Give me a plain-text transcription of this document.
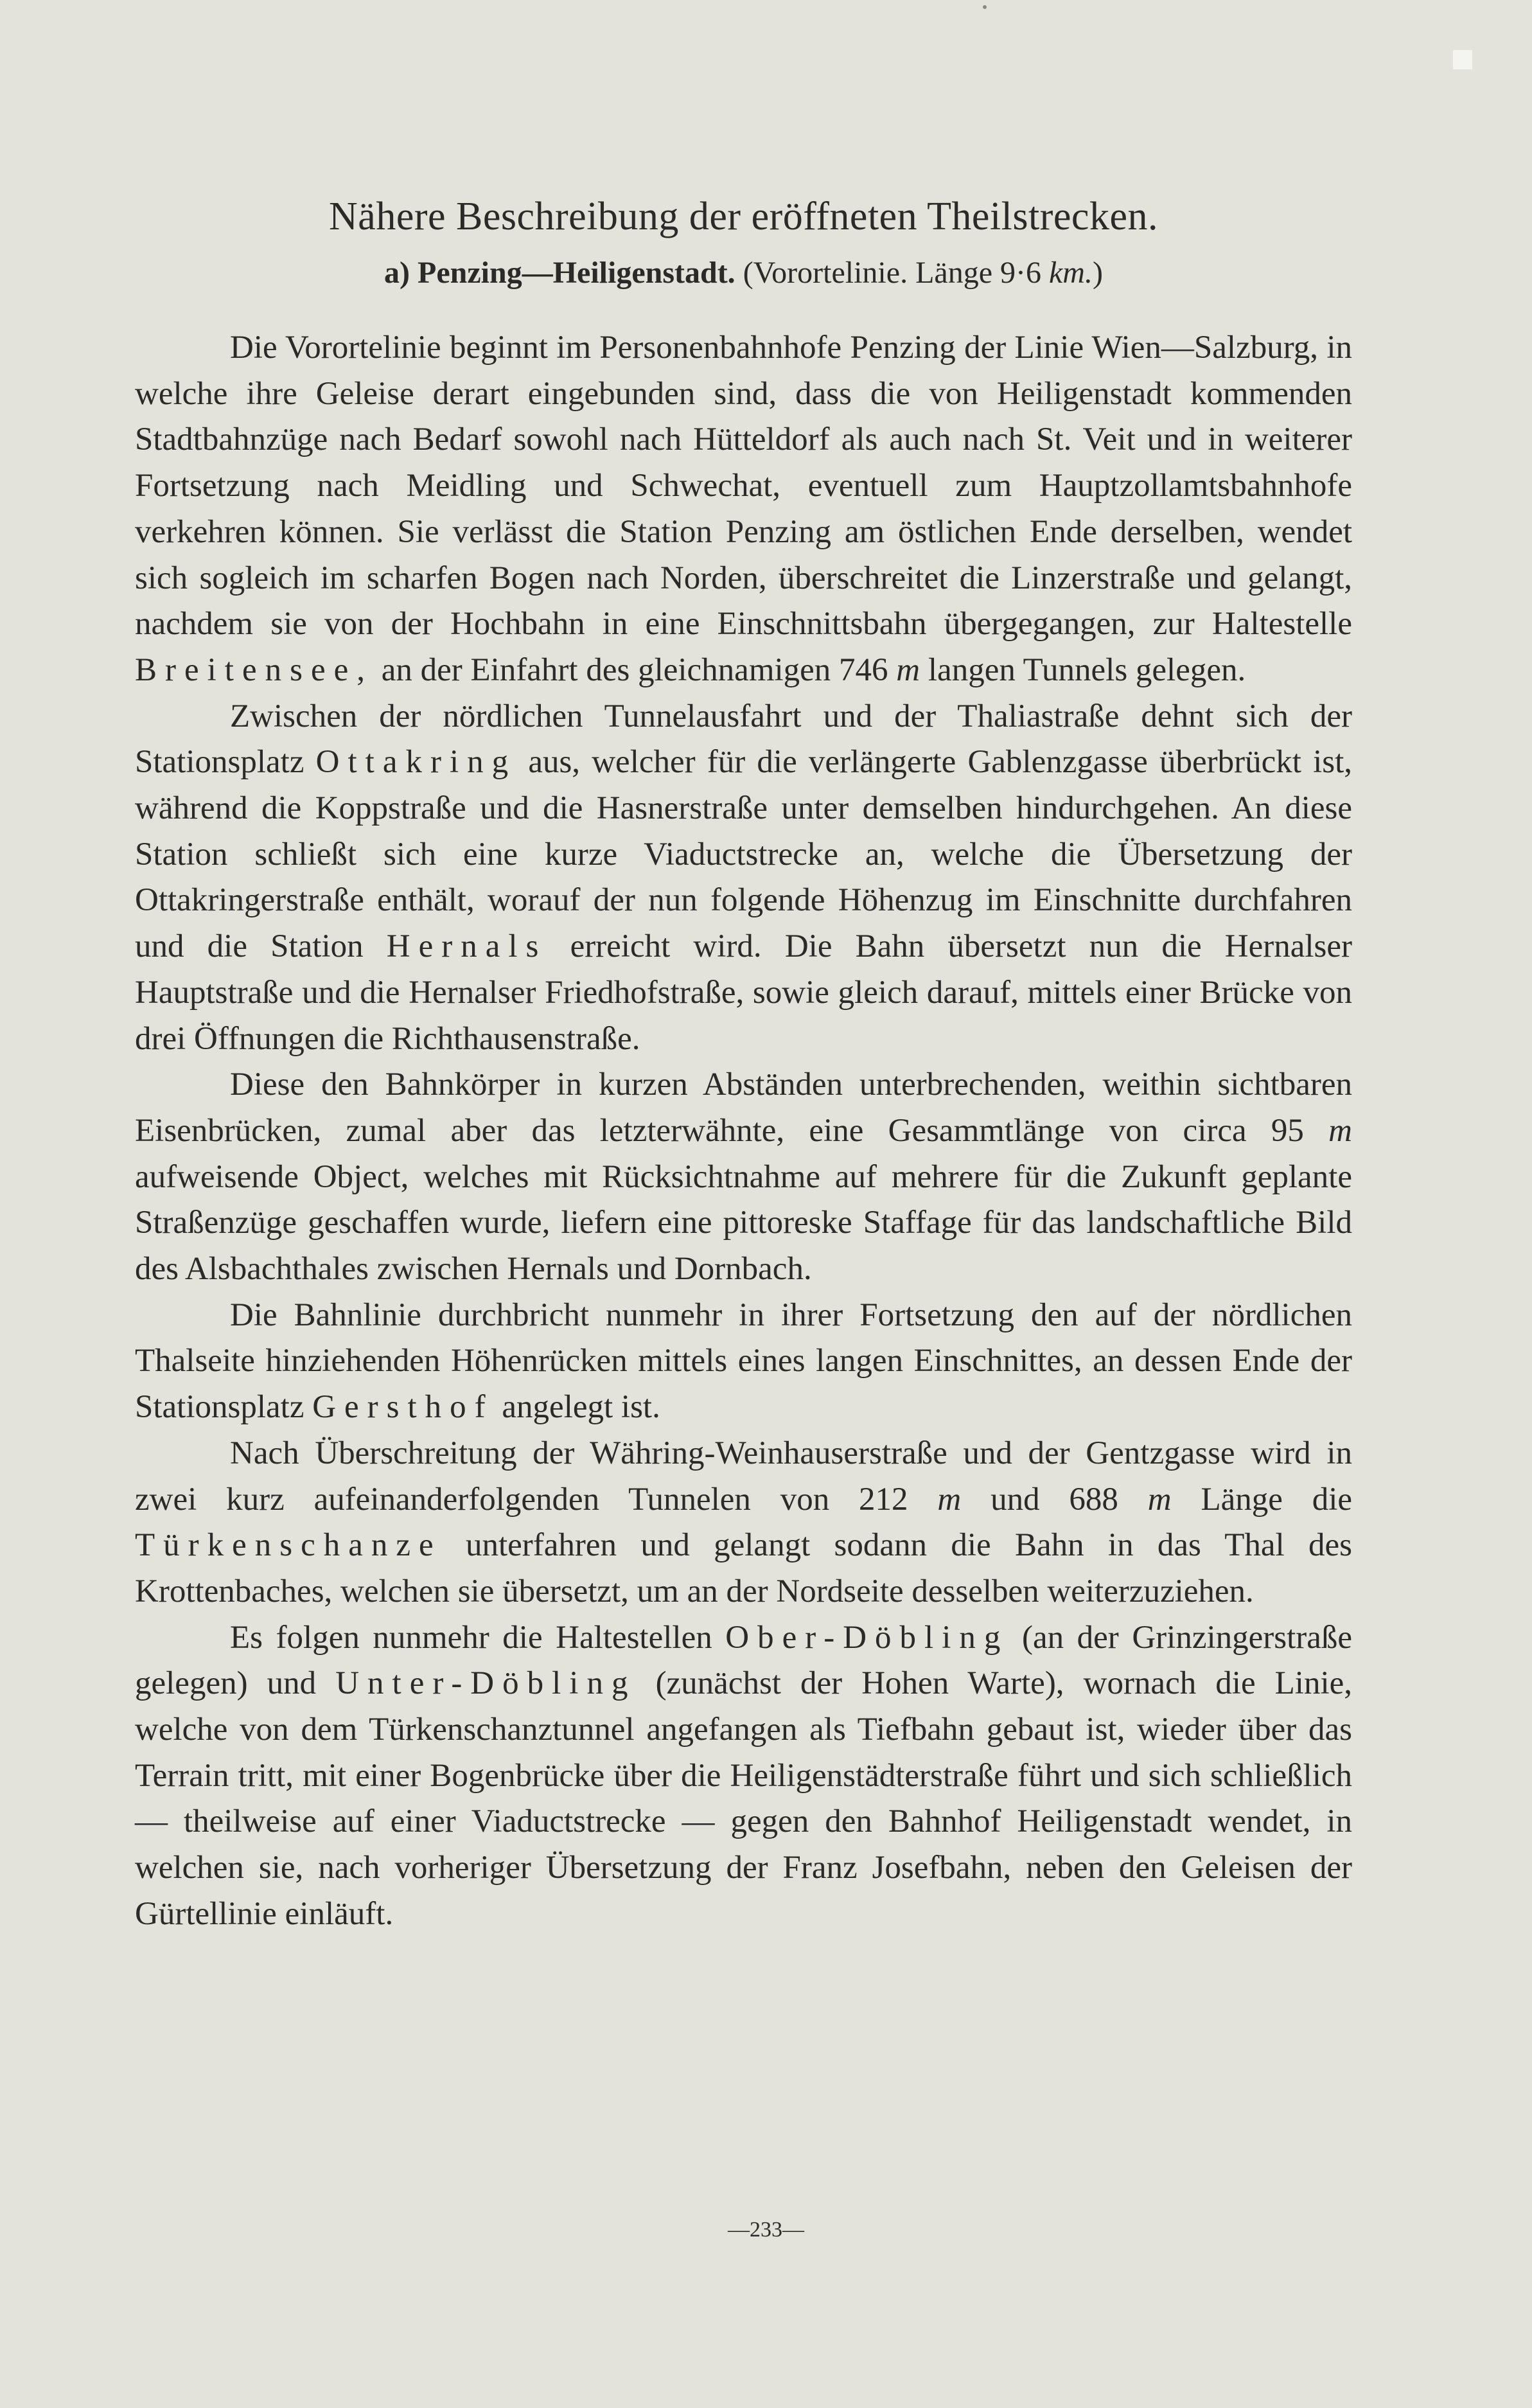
Nähere Beschreibung der eröffneten Theilstrecken.
a) Penzing—Heiligenstadt. (Vorortelinie. Länge 9·6 km.)

Die Vorortelinie beginnt im Personenbahnhofe Penzing der Linie Wien—Salzburg, in welche ihre Geleise derart eingebunden sind, dass die von Heiligenstadt kommenden Stadtbahnzüge nach Bedarf sowohl nach Hütteldorf als auch nach St. Veit und in weiterer Fortsetzung nach Meidling und Schwechat, eventuell zum Hauptzollamtsbahnhofe verkehren können. Sie verlässt die Station Penzing am östlichen Ende derselben, wendet sich sogleich im scharfen Bogen nach Norden, überschreitet die Linzerstraße und gelangt, nachdem sie von der Hochbahn in eine Einschnittsbahn übergegangen, zur Haltestelle Breitensee, an der Einfahrt des gleichnamigen 746 m langen Tunnels gelegen.

Zwischen der nördlichen Tunnelausfahrt und der Thaliastraße dehnt sich der Stationsplatz Ottakring aus, welcher für die verlängerte Gablenzgasse überbrückt ist, während die Koppstraße und die Hasnerstraße unter demselben hindurchgehen. An diese Station schließt sich eine kurze Viaductstrecke an, welche die Übersetzung der Ottakringerstraße enthält, worauf der nun folgende Höhenzug im Einschnitte durchfahren und die Station Hernals erreicht wird. Die Bahn übersetzt nun die Hernalser Hauptstraße und die Hernalser Friedhofstraße, sowie gleich darauf, mittels einer Brücke von drei Öffnungen die Richthausenstraße.

Diese den Bahnkörper in kurzen Abständen unterbrechenden, weithin sichtbaren Eisenbrücken, zumal aber das letzterwähnte, eine Gesammtlänge von circa 95 m aufweisende Object, welches mit Rücksichtnahme auf mehrere für die Zukunft geplante Straßenzüge geschaffen wurde, liefern eine pittoreske Staffage für das landschaftliche Bild des Alsbachthales zwischen Hernals und Dornbach.

Die Bahnlinie durchbricht nunmehr in ihrer Fortsetzung den auf der nördlichen Thalseite hinziehenden Höhenrücken mittels eines langen Einschnittes, an dessen Ende der Stationsplatz Gersthof angelegt ist.

Nach Überschreitung der Währing-Weinhauserstraße und der Gentzgasse wird in zwei kurz aufeinanderfolgenden Tunnelen von 212 m und 688 m Länge die Türkenschanze unterfahren und gelangt sodann die Bahn in das Thal des Krottenbaches, welchen sie übersetzt, um an der Nordseite desselben weiterzuziehen.

Es folgen nunmehr die Haltestellen Ober-Döbling (an der Grinzingerstraße gelegen) und Unter-Döbling (zunächst der Hohen Warte), wornach die Linie, welche von dem Türkenschanztunnel angefangen als Tiefbahn gebaut ist, wieder über das Terrain tritt, mit einer Bogenbrücke über die Heiligenstädterstraße führt und sich schließlich — theilweise auf einer Viaductstrecke — gegen den Bahnhof Heiligenstadt wendet, in welchen sie, nach vorheriger Übersetzung der Franz Josefbahn, neben den Geleisen der Gürtellinie einläuft.

—233—
